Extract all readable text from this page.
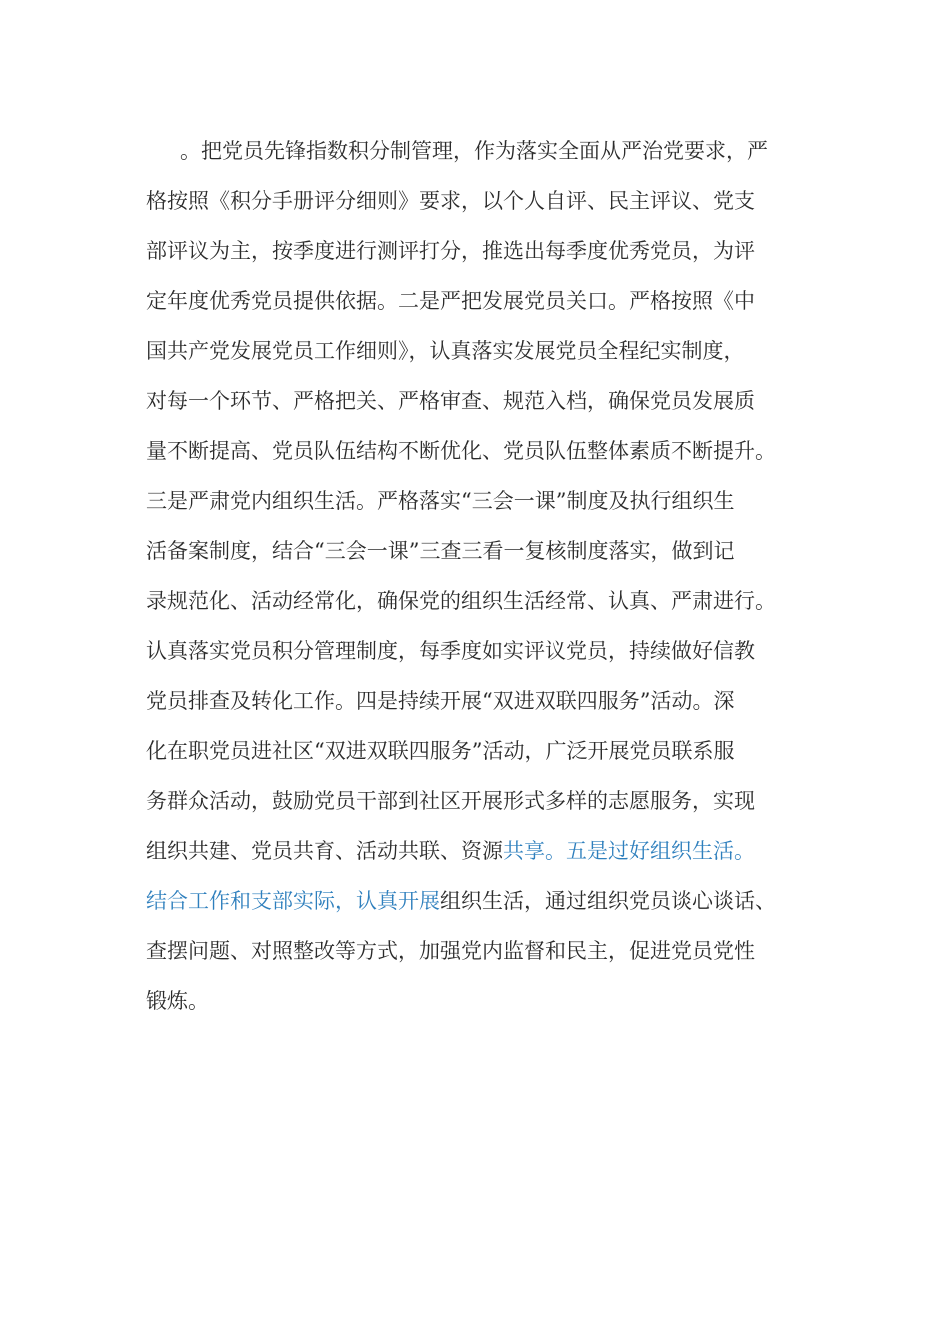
。把党员先锋指数积分制管理，作为落实全面从严治党要求，严
格按照《积分手册评分细则》要求，以个人自评、民主评议、党支
部评议为主，按季度进行测评打分，推选出每季度优秀党员，为评
定年度优秀党员提供依据。二是严把发展党员关口。严格按照《中
国共产党发展党员工作细则》，认真落实发展党员全程纪实制度，
对每一个环节、严格把关、严格审查、规范入档，确保党员发展质
量不断提高、党员队伍结构不断优化、党员队伍整体素质不断提升。
三是严肃党内组织生活。严格落实“三会一课”制度及执行组织生
活备案制度，结合“三会一课”三查三看一复核制度落实，做到记
录规范化、活动经常化，确保党的组织生活经常、认真、严肃进行。
认真落实党员积分管理制度，每季度如实评议党员，持续做好信教
党员排查及转化工作。四是持续开展“双进双联四服务”活动。深
化在职党员进社区“双进双联四服务”活动，广泛开展党员联系服
务群众活动，鼓励党员干部到社区开展形式多样的志愿服务，实现
组织共建、党员共育、活动共联、资源共享。五是过好组织生活。
结合工作和支部实际，认真开展组织生活，通过组织党员谈心谈话、
查摆问题、对照整改等方式，加强党内监督和民主，促进党员党性
锻炼。
